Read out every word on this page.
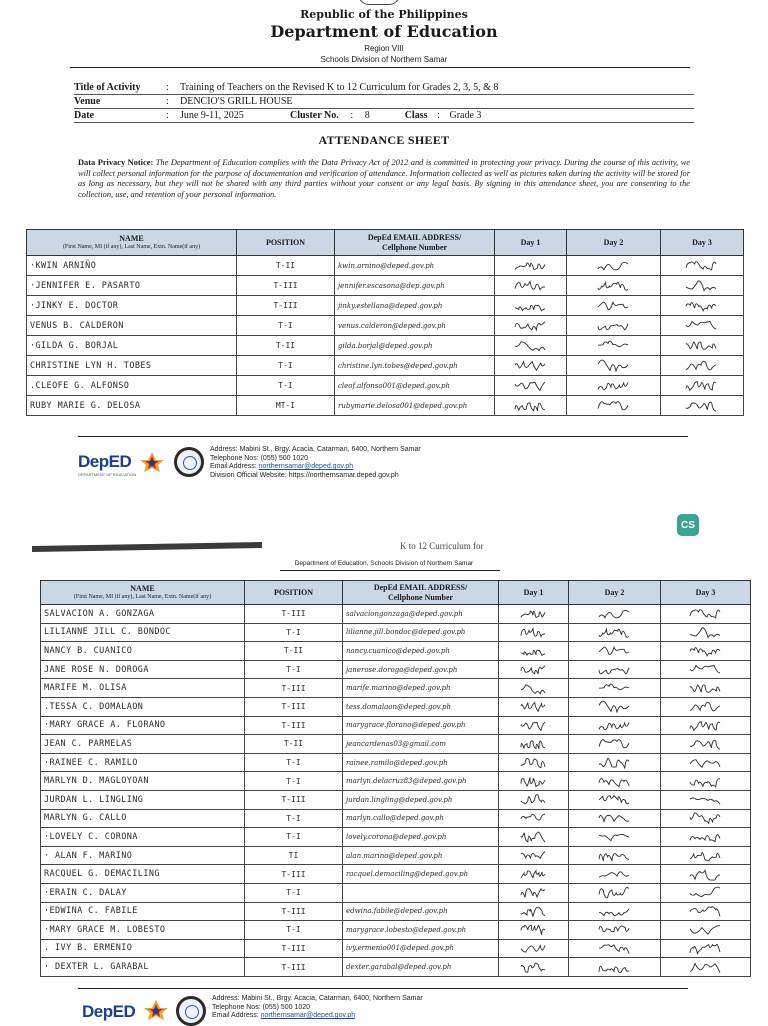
Republic of the Philippines
Department of Education
Region VIII
Schools Division of Northern Samar
Title of Activity	:	Training of Teachers on the Revised K to 12 Curriculum for Grades 2, 3, 5, & 8
Venue	:	DENCIO'S GRILL HOUSE
Date	:	June 9-11, 2025	Cluster No.	:	8	Class : Grade 3
ATTENDANCE SHEET
Data Privacy Notice: The Department of Education complies with the Data Privacy Act of 2012 and is committed in protecting your privacy. During the course of this activity, we will collect personal information for the purpose of documentation and verification of attendance. Information collected as well as pictures taken during the activity will be stored for as long as necessary, but they will not be shared with any third parties without your consent or any legal basis. By signing in this attendance sheet, you are consenting to the collection, use, and retention of your personal information.
NAME
(First Name, MI (if any), Last Name, Extn. Name(if any)	POSITION	DepEd EMAIL ADDRESS/
Cellphone Number	Day 1	Day 2	Day 3
·KWIN ARNIÑO	T-II	kwin.arnino@deped.gov.ph	

·JENNIFER E. PASARTO	T-III	jennifer.escasona@dep.gov.ph	

·JINKY E. DOCTOR	T-III	jinky.estellana@deped.gov.ph	

VENUS B. CALDERON	T-I	venus.calderon@deped.gov.ph	

·GILDA G. BORJAL	T-II	gilda.borjal@deped.gov.ph	

CHRISTINE LYN H. TOBES	T-I	christine.lyn.tobes@deped.gov.ph	

.CLEOFE G. ALFONSO	T-I	cleof.alfonso001@deped.gov.ph	

RUBY MARIE G. DELOSA	MT-I	rubymarie.delosa001@deped.gov.ph	

DepED
DEPARTMENT OF EDUCATION
Address: Mabini St., Brgy. Acacia, Catarman, 6400, Northern Samar
Telephone Nos: (055) 500 1020
Email Address: northernsamar@deped.gov.ph
Division Official Website: https://northernsamar.deped.gov.ph
CS
K to 12 Curriculum for
Department of Education, Schools Division of Northern Samar
NAME
(First Name, MI (if any), Last Name, Extn. Name(if any)	POSITION	DepEd EMAIL ADDRESS/
Cellphone Number	Day 1	Day 2	Day 3
SALVACION A. GONZAGA	T-III	salvaciongonzaga@deped.gov.ph	

LILIANNE JILL C. BONDOC	T-I	lilianne.jill.bondoc@deped.gov.ph	

NANCY B. CUANICO	T-II	nancy.cuanico@deped.gov.ph	

JANE ROSE N. DOROGA	T-I	janerose.doroga@deped.gov.ph	

MARIFE M. OLISA	T-III	marife.marino@deped.gov.ph	

.TESSA C. DOMALAON	T-III	tess.domalaon@deped.gov.ph	

·MARY GRACE A. FLORANO	T-III	marygrace.florano@deped.gov.ph	

JEAN C. PARMELAS	T-II	jeancardenas03@gmail.com	

·RAINEE C. RAMILO	T-I	rainee.ramilo@deped.gov.ph	

MARLYN D. MAGLOYOAN	T-I	marlyn.delacruz83@deped.gov.ph	

JURDAN L. LINGLING	T-III	jurdan.lingling@deped.gov.ph	

MARLYN G. CALLO	T-I	marlyn.callo@deped.gov.ph	

·LOVELY C. CORONA	T-I	lovely.corona@deped.gov.ph	

· ALAN F. MARINO	TI	alan.marino@deped.gov.ph	

RACQUEL G. DEMACILING	T-III	racquel.demaciling@deped.gov.ph	

·ERAIN C. DALAY	T-I		

·EDWINA C. FABILE	T-III	edwina.fabile@deped.gov.ph	

·MARY GRACE M. LOBESTO	T-I	marygrace.lobesto@deped.gov.ph	

. IVY B. ERMENIO	T-III	ivy.ermenio001@deped.gov.ph	

· DEXTER L. GARABAL	T-III	dexter.garabal@deped.gov.ph	

DepED
Address: Mabini St., Brgy. Acacia, Catarman, 6400, Northern Samar
Telephone Nos: (055) 500 1020
Email Address: northernsamar@deped.gov.ph
